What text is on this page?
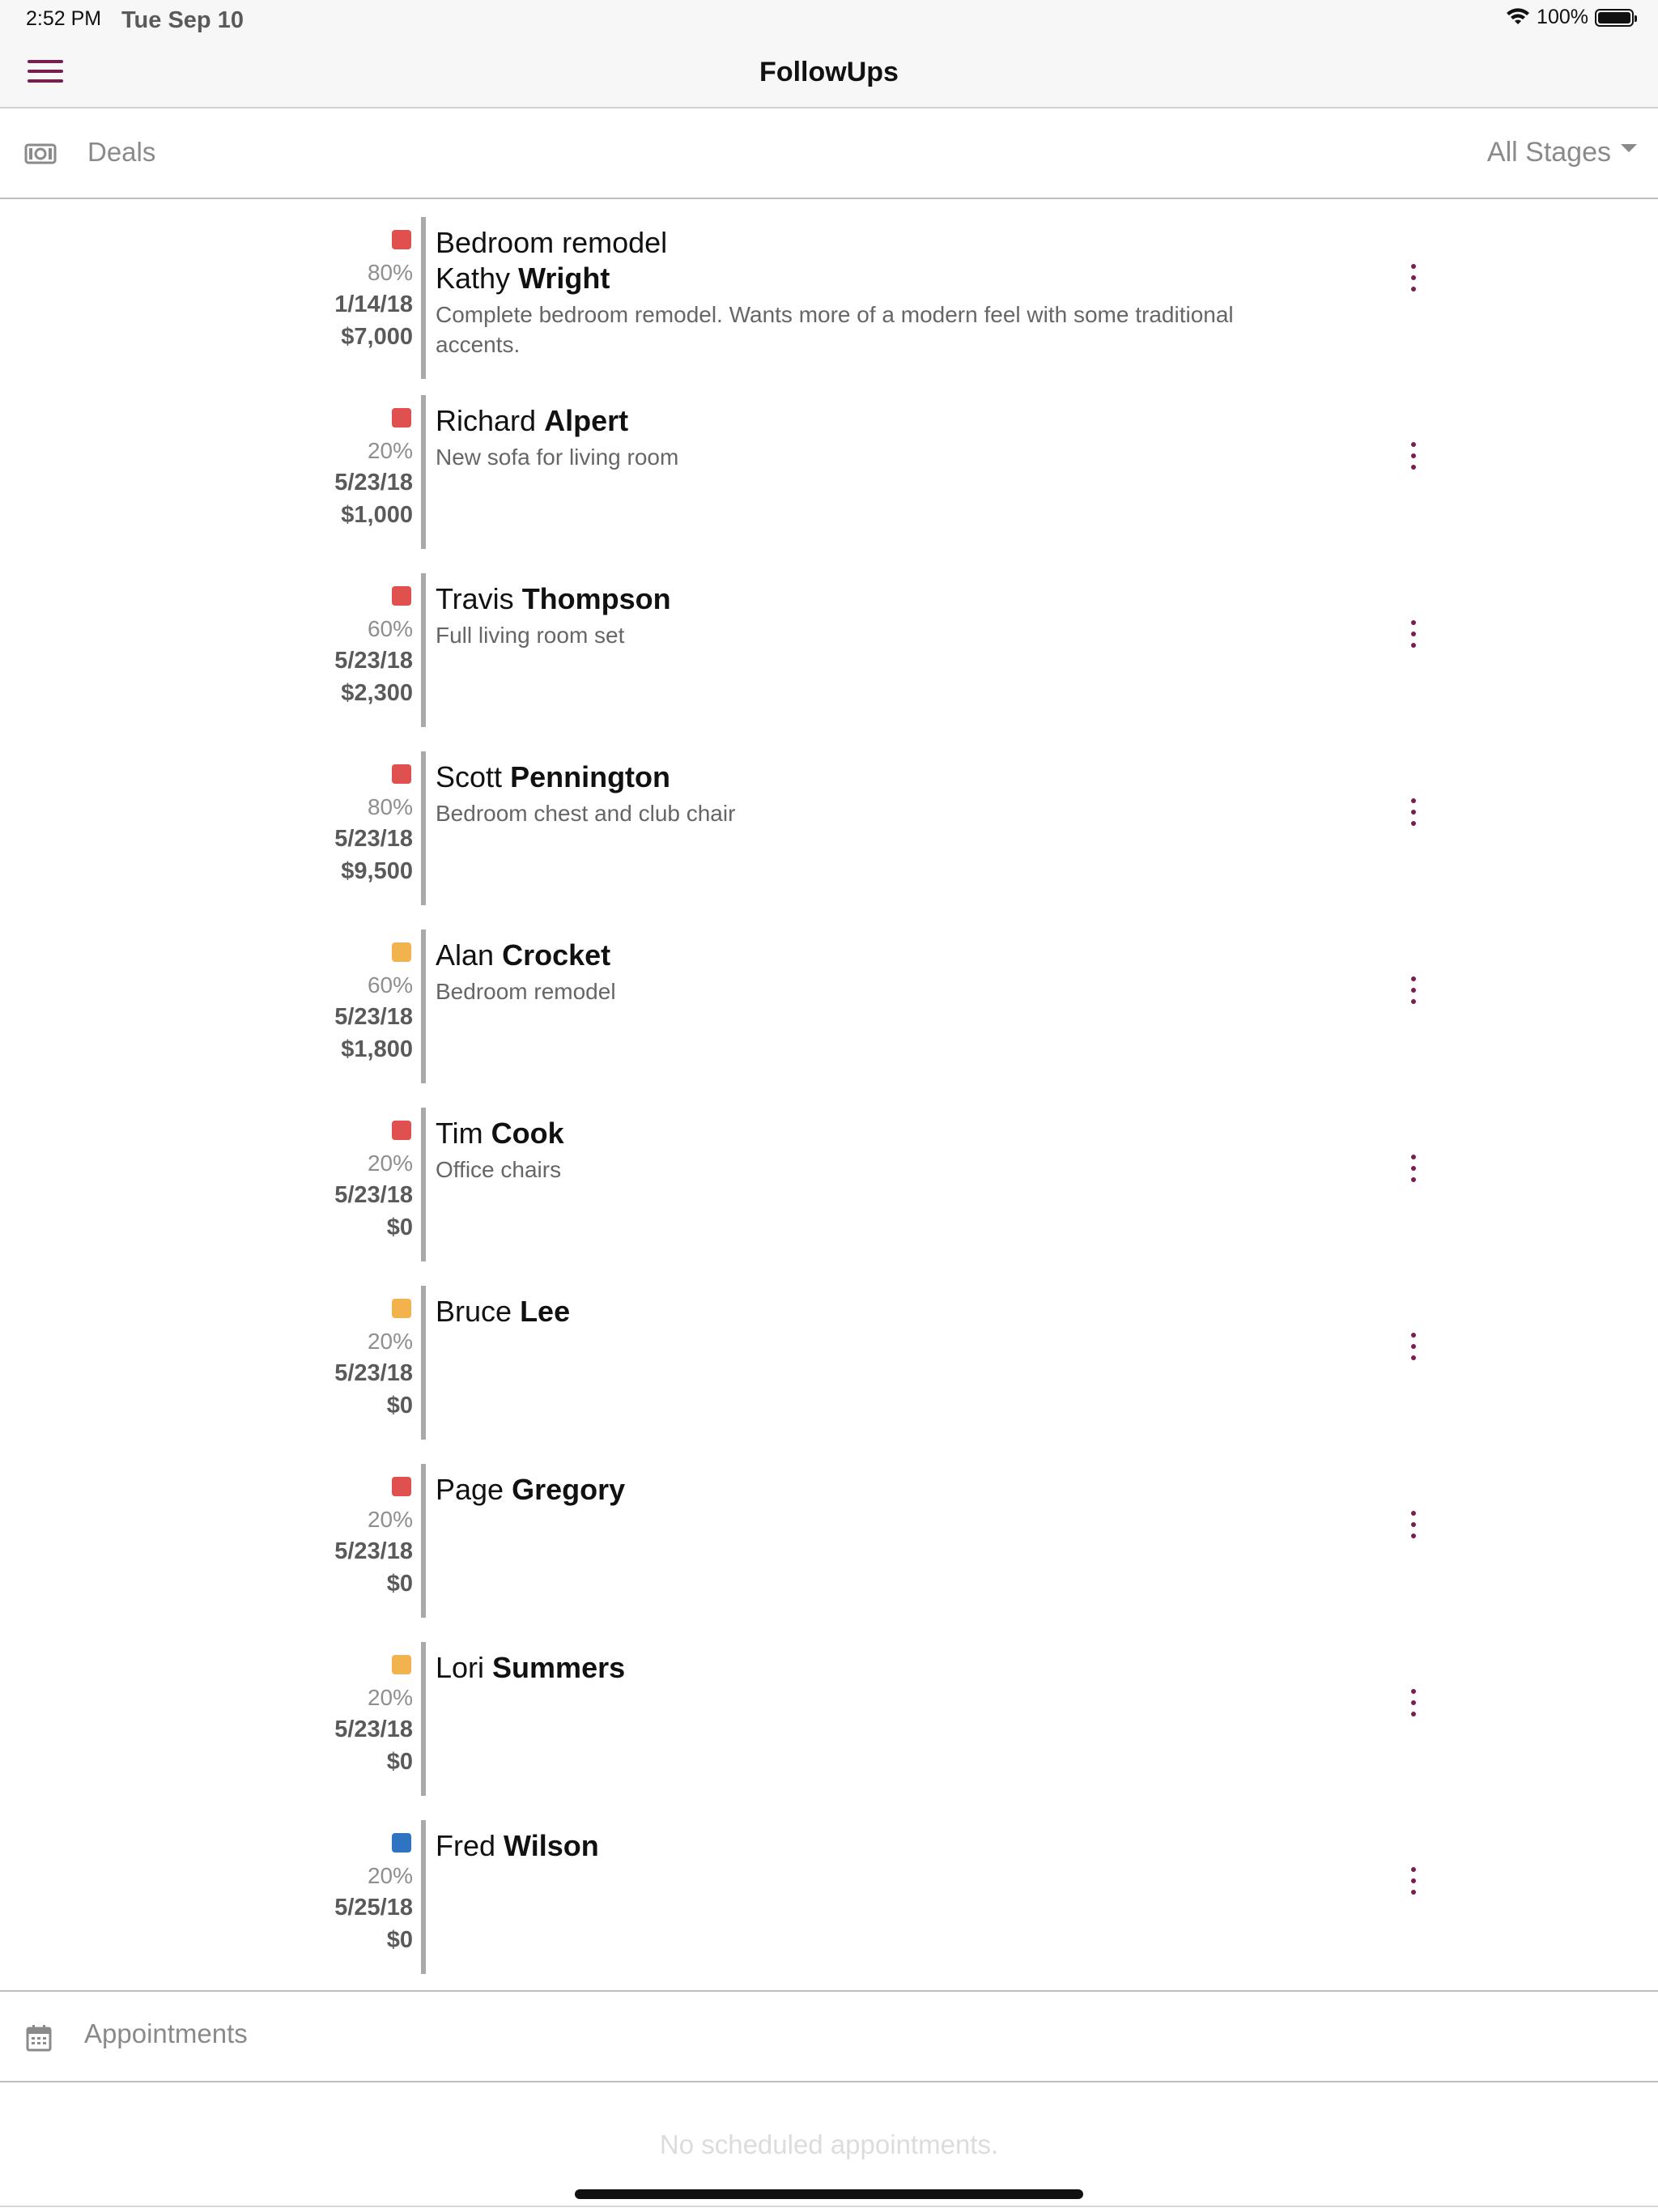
2:52 PM Tue Sep 10	100%
FollowUps
Deals	All Stages
80%
1/14/18
$7,000
Bedroom remodel
Kathy Wright
Complete bedroom remodel. Wants more of a modern feel with some traditional accents.
20%
5/23/18
$1,000
Richard Alpert
New sofa for living room
60%
5/23/18
$2,300
Travis Thompson
Full living room set
80%
5/23/18
$9,500
Scott Pennington
Bedroom chest and club chair
60%
5/23/18
$1,800
Alan Crocket
Bedroom remodel
20%
5/23/18
$0
Tim Cook
Office chairs
20%
5/23/18
$0
Bruce Lee
20%
5/23/18
$0
Page Gregory
20%
5/23/18
$0
Lori Summers
20%
5/25/18
$0
Fred Wilson
Appointments
No scheduled appointments.
